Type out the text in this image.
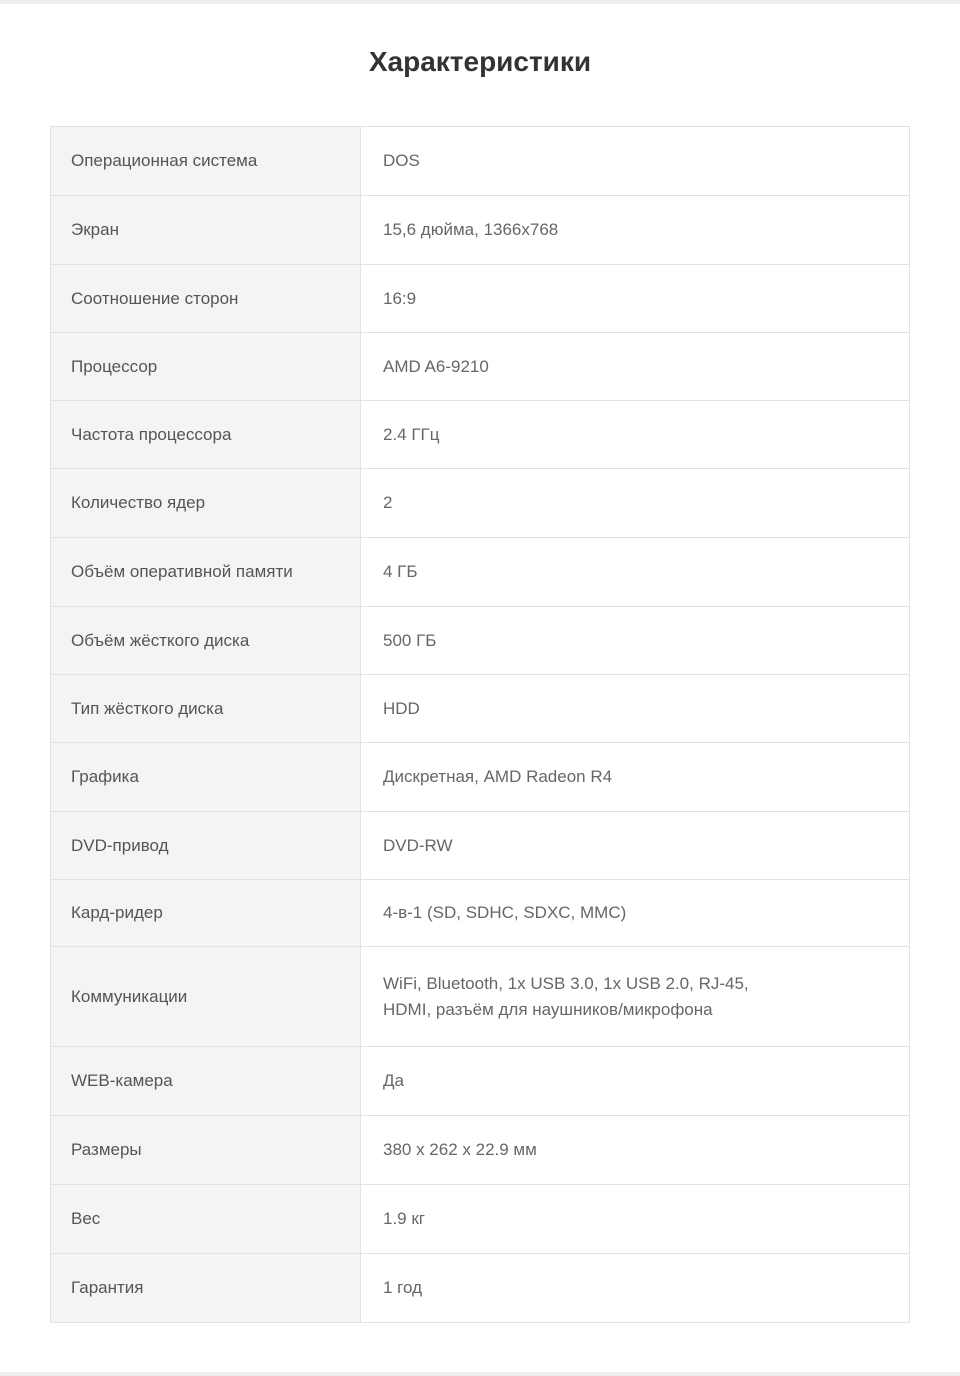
Характеристики
Операционная система	DOS

Экран	15,6 дюйма, 1366x768

Соотношение сторон	16:9

Процессор	AMD A6-9210

Частота процессора	2.4 ГГц

Количество ядер	2

Объём оперативной памяти	4 ГБ

Объём жёсткого диска	500 ГБ

Тип жёсткого диска	HDD

Графика	Дискретная, AMD Radeon R4

DVD-привод	DVD-RW

Кард-ридер	4-в-1 (SD, SDHC, SDXC, MMC)

Коммуникации	WiFi, Bluetooth, 1x USB 3.0, 1x USB 2.0, RJ-45,
HDMI, разъём для наушников/микрофона

WEB-камера	Да

Размеры	380 x 262 x 22.9 мм

Вес	1.9 кг

Гарантия	1 год
